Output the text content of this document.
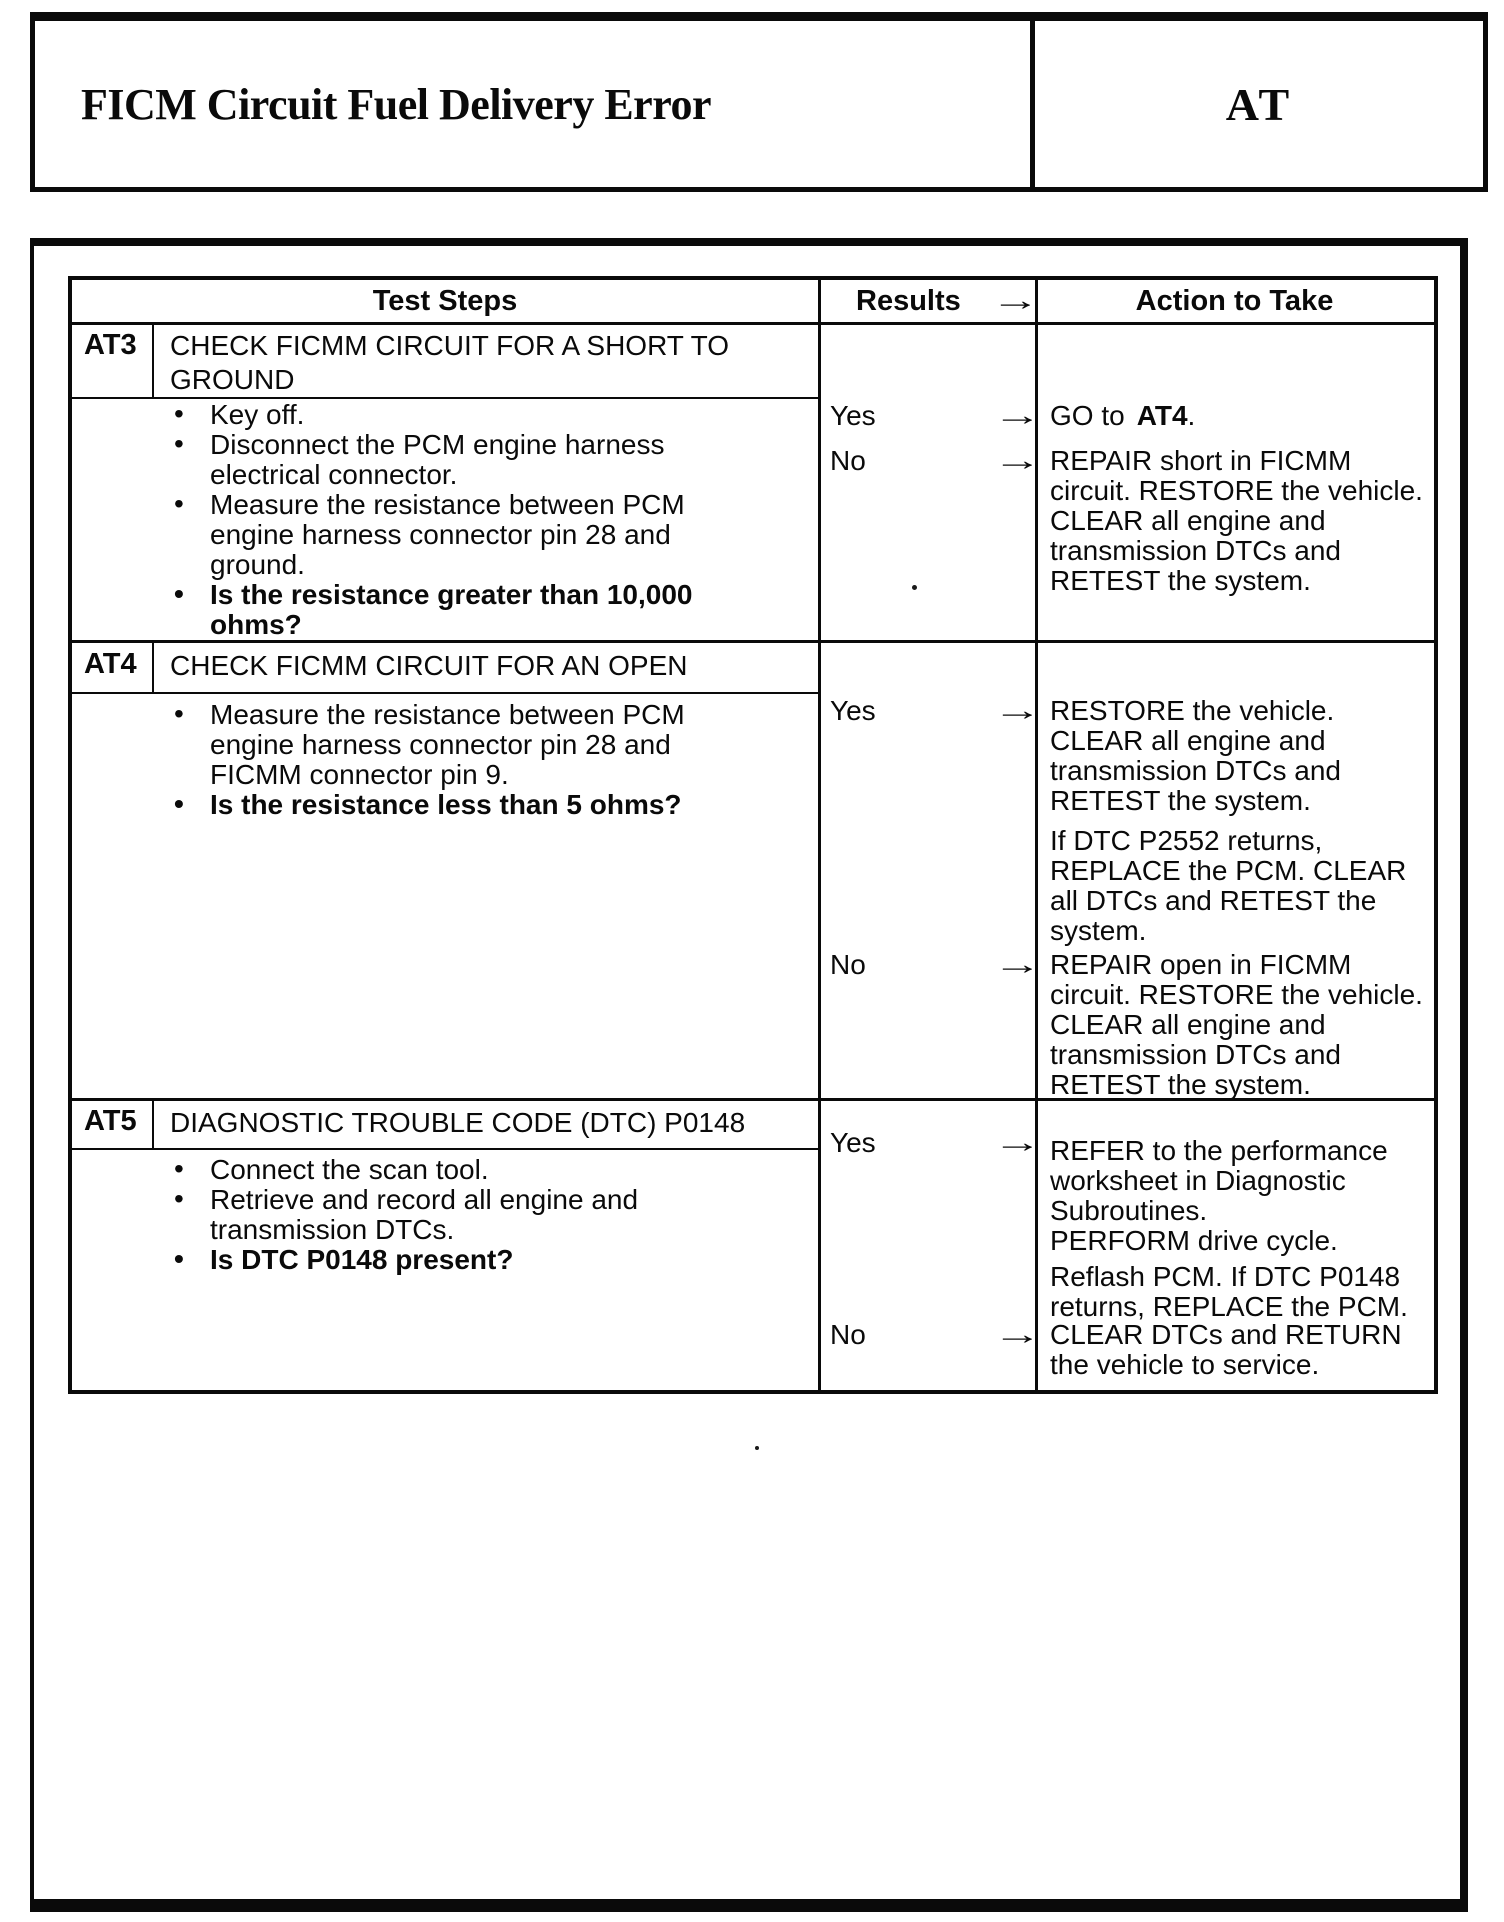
FICM Circuit Fuel Delivery Error	AT
Test Steps	Results →	Action to Take
AT3 CHECK FICMM CIRCUIT FOR A SHORT TO GROUND
• Key off.
• Disconnect the PCM engine harness electrical connector.
• Measure the resistance between PCM engine harness connector pin 28 and ground.
• Is the resistance greater than 10,000 ohms?
Yes	→ GO to AT4.

No	→ REPAIR short in FICMM circuit. RESTORE the vehicle. CLEAR all engine and transmission DTCs and RETEST the system.

AT4 CHECK FICMM CIRCUIT FOR AN OPEN
• Measure the resistance between PCM engine harness connector pin 28 and FICMM connector pin 9.
• Is the resistance less than 5 ohms?
Yes	→ RESTORE the vehicle. CLEAR all engine and transmission DTCs and RETEST the system.

If DTC P2552 returns, REPLACE the PCM. CLEAR all DTCs and RETEST the system.

No	→ REPAIR open in FICMM circuit. RESTORE the vehicle. CLEAR all engine and transmission DTCs and RETEST the system.

AT5 DIAGNOSTIC TROUBLE CODE (DTC) P0148
• Connect the scan tool.
• Retrieve and record all engine and transmission DTCs.
• Is DTC P0148 present?
Yes	→ REFER to the performance worksheet in Diagnostic Subroutines.

PERFORM drive cycle.

Reflash PCM. If DTC P0148 returns, REPLACE the PCM.

No	→ CLEAR DTCs and RETURN the vehicle to service.
